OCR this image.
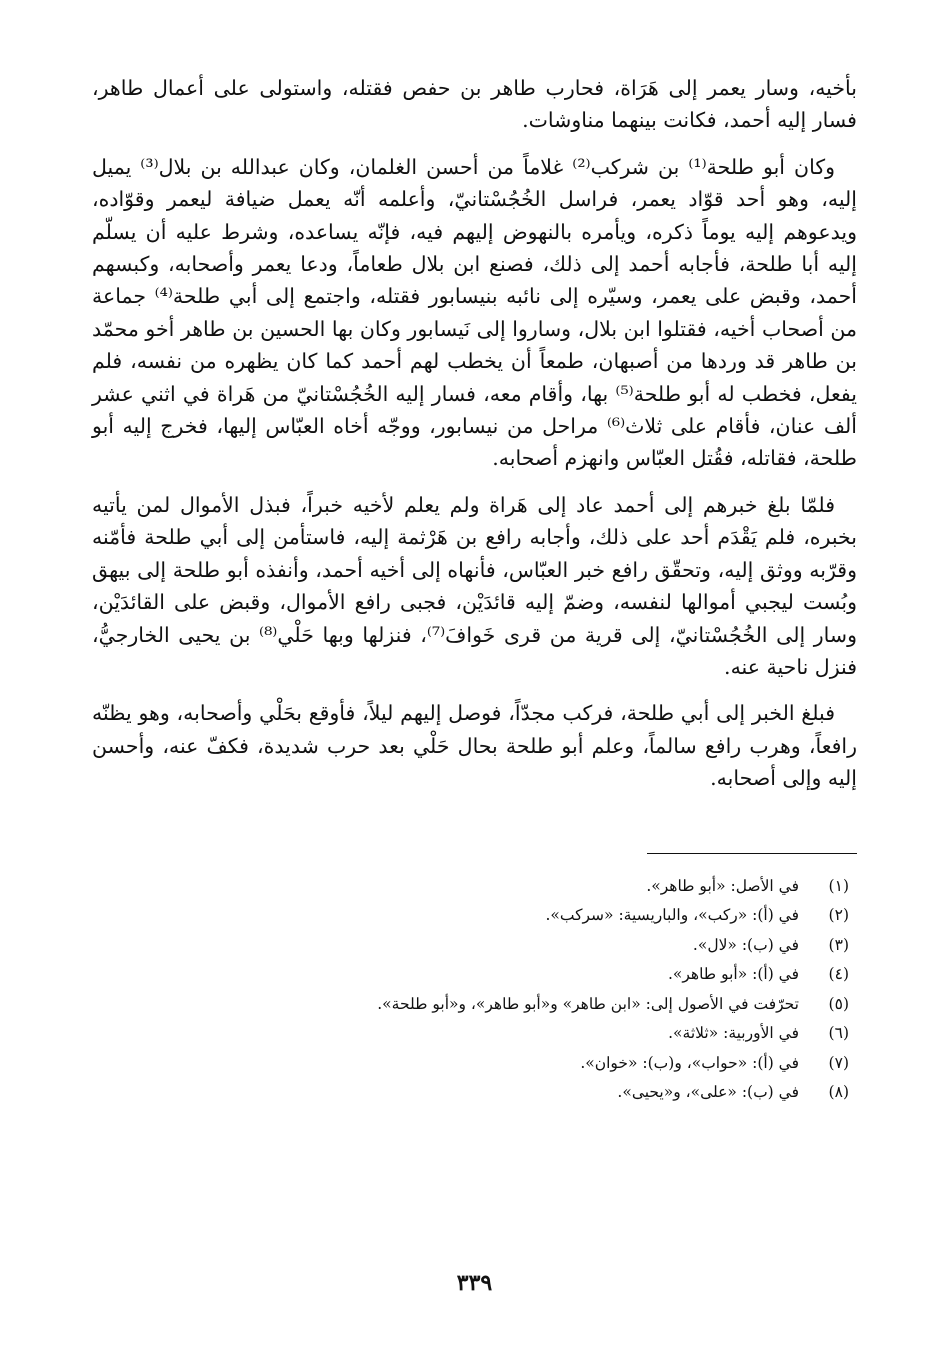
بأخيه، وسار يعمر إلى هَرَاة، فحارب طاهر بن حفص فقتله، واستولى على أعمال طاهر، فسار إليه أحمد، فكانت بينهما مناوشات.

وكان أبو طلحة⁽¹⁾ بن شركب⁽²⁾ غلاماً من أحسن الغلمان، وكان عبدالله بن بلال⁽³⁾ يميل إليه، وهو أحد قوّاد يعمر، فراسل الخُجُسْتانيّ، وأعلمه أنّه يعمل ضيافة ليعمر وقوّاده، ويدعوهم إليه يوماً ذكره، ويأمره بالنهوض إليهم فيه، فإنّه يساعده، وشرط عليه أن يسلّم إليه أبا طلحة، فأجابه أحمد إلى ذلك، فصنع ابن بلال طعاماً، ودعا يعمر وأصحابه، وكبسهم أحمد، وقبض على يعمر، وسيّره إلى نائبه بنيسابور فقتله، واجتمع إلى أبي طلحة⁽⁴⁾ جماعة من أصحاب أخيه، فقتلوا ابن بلال، وساروا إلى نَيسابور وكان بها الحسين بن طاهر أخو محمّد بن طاهر قد وردها من أصبهان، طمعاً أن يخطب لهم أحمد كما كان يظهره من نفسه، فلم يفعل، فخطب له أبو طلحة⁽⁵⁾ بها، وأقام معه، فسار إليه الخُجُسْتانيّ من هَراة في اثني عشر ألف عنان، فأقام على ثلاث⁽⁶⁾ مراحل من نيسابور، ووجّه أخاه العبّاس إليها، فخرج إليه أبو طلحة، فقاتله، فقُتل العبّاس وانهزم أصحابه.

فلمّا بلغ خبرهم إلى أحمد عاد إلى هَراة ولم يعلم لأخيه خبراً، فبذل الأموال لمن يأتيه بخبره، فلم يَقْدَم أحد على ذلك، وأجابه رافع بن هَرْثمة إليه، فاستأمن إلى أبي طلحة فأمّنه وقرّبه ووثق إليه، وتحقّق رافع خبر العبّاس، فأنهاه إلى أخيه أحمد، وأنفذه أبو طلحة إلى بيهق وبُست ليجبي أموالها لنفسه، وضمّ إليه قائدَيْن، فجبى رافع الأموال، وقبض على القائدَيْن، وسار إلى الخُجُسْتانيّ، إلى قرية من قرى خَوافَ⁽⁷⁾، فنزلها وبها حَلْي⁽⁸⁾ بن يحيى الخارجيُّ، فنزل ناحية عنه.

فبلغ الخبر إلى أبي طلحة، فركب مجدّاً، فوصل إليهم ليلاً، فأوقع بحَلْي وأصحابه، وهو يظنّه رافعاً، وهرب رافع سالماً، وعلم أبو طلحة بحال حَلْي بعد حرب شديدة، فكفّ عنه، وأحسن إليه وإلى أصحابه.

(١)
في الأصل: «أبو طاهر».
(٢)
في (أ): «ركب»، والباريسية: «سركب».
(٣)
في (ب): «لال».
(٤)
في (أ): «أبو طاهر».
(٥)
تحرّفت في الأصول إلى: «ابن طاهر» و«أبو طاهر»، و«أبو طلحة».
(٦)
في الأوربية: «ثلاثة».
(٧)
في (أ): «حواب»، و(ب): «خوان».
(٨)
في (ب): «على»، و«يحيى».
٣٣٩
